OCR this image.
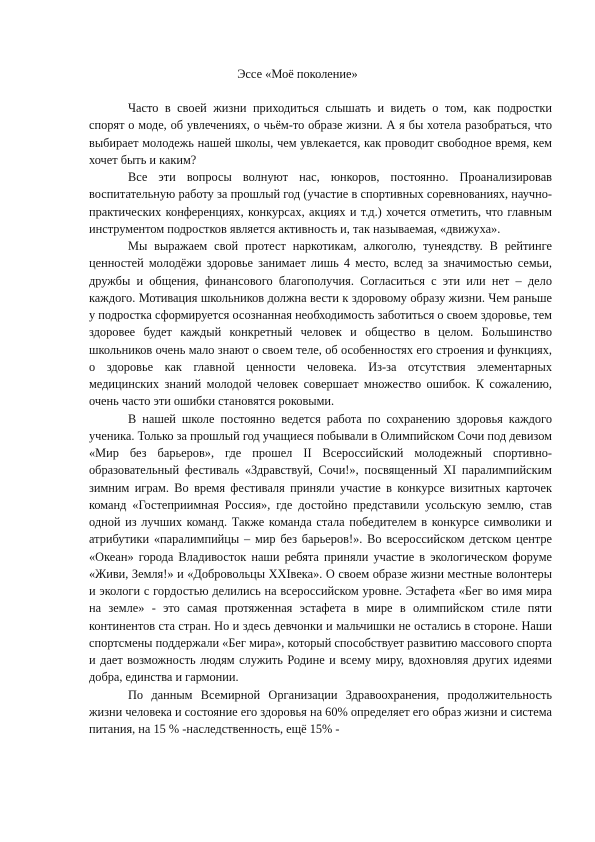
Эссе «Моё поколение»

Часто в своей жизни приходиться слышать и видеть о том, как подростки спорят о моде, об увлечениях, о чьём-то образе жизни. А я бы хотела разобраться, что выбирает молодежь нашей школы, чем увлекается, как проводит свободное время, кем хочет быть и каким?

Все эти вопросы волнуют нас, юнкоров, постоянно. Проанализировав воспитательную работу за прошлый год (участие в спортивных соревнованиях, научно-практических конференциях, конкурсах, акциях и т.д.) хочется отметить, что главным инструментом подростков является активность и, так называемая, «движуха».

Мы выражаем свой протест наркотикам, алкоголю, тунеядству. В рейтинге ценностей молодёжи здоровье занимает лишь 4 место, вслед за значимостью семьи, дружбы и общения, финансового благополучия. Согласиться с эти или нет – дело каждого. Мотивация школьников должна вести к здоровому образу жизни. Чем раньше у подростка сформируется осознанная необходимость заботиться о своем здоровье, тем здоровее будет каждый конкретный человек и общество в целом. Большинство школьников очень мало знают о своем теле, об особенностях его строения и функциях, о здоровье как главной ценности человека. Из-за отсутствия элементарных медицинских знаний молодой человек совершает множество ошибок. К сожалению, очень часто эти ошибки становятся роковыми.

В нашей школе постоянно ведется работа по сохранению здоровья каждого ученика. Только за прошлый год учащиеся побывали в Олимпийском Сочи под девизом «Мир без барьеров», где прошел II Всероссийский молодежный спортивно-образовательный фестиваль «Здравствуй, Сочи!», посвященный XI паралимпийским зимним играм. Во время фестиваля приняли участие в конкурсе визитных карточек команд «Гостеприимная Россия», где достойно представили усольскую землю, став одной из лучших команд. Также команда стала победителем в конкурсе символики и атрибутики «паралимпийцы – мир без барьеров!». Во всероссийском детском центре «Океан» города Владивосток наши ребята приняли участие в экологическом форуме «Живи, Земля!» и «Добровольцы XXIвека». О своем образе жизни местные волонтеры и экологи с гордостью делились на всероссийском уровне. Эстафета «Бег во имя мира на земле» - это самая протяженная эстафета в мире в олимпийском стиле пяти континентов ста стран. Но и здесь девчонки и мальчишки не остались в стороне. Наши спортсмены поддержали «Бег мира», который способствует развитию массового спорта и дает возможность людям служить Родине и всему миру, вдохновляя других идеями добра, единства и гармонии.

По данным Всемирной Организации Здравоохранения, продолжительность жизни человека и состояние его здоровья на 60% определяет его образ жизни и система питания, на 15 % -наследственность, ещё 15% -
